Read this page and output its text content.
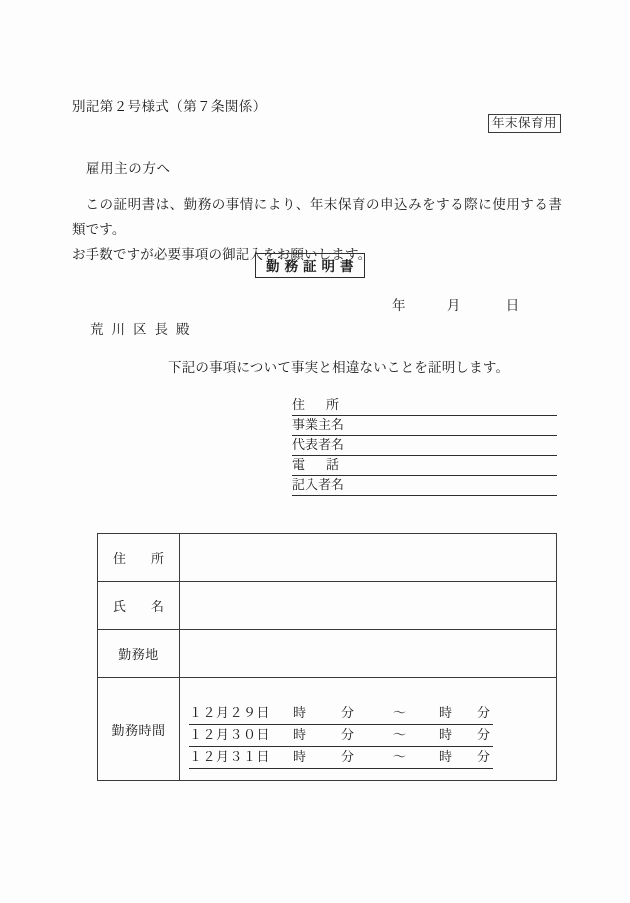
別記第２号様式（第７条関係）
年末保育用
雇用主の方へ
この証明書は、勤務の事情により、年末保育の申込みをする際に使用する書類です。
お手数ですが必要事項の御記入をお願いします。
勤務証明書
年	月	日
荒川区長殿
下記の事項について事実と相違ないことを証明します。
住 所
事業主名
代表者名
電 話
記入者名
住　所	
氏　名	
勤務地	
勤務時間	
１２月２９日	時	分	〜	時	分
１２月３０日	時	分	〜	時	分
１２月３１日	時	分	〜	時	分
